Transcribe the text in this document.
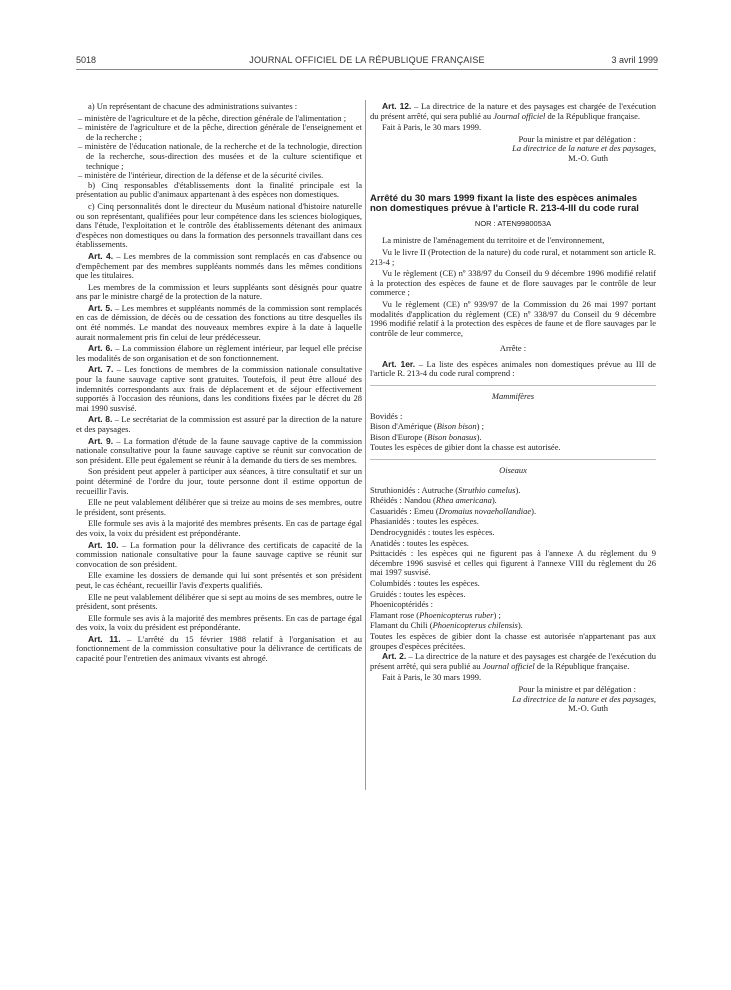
5018	JOURNAL OFFICIEL DE LA RÉPUBLIQUE FRANÇAISE	3 avril 1999

a) Un représentant de chacune des administrations suivantes :

– ministère de l'agriculture et de la pêche, direction générale de l'alimentation ;

– ministère de l'agriculture et de la pêche, direction générale de l'enseignement et de la recherche ;

– ministère de l'éducation nationale, de la recherche et de la technologie, direction de la recherche, sous-direction des musées et de la culture scientifique et technique ;

– ministère de l'intérieur, direction de la défense et de la sécurité civiles.

b) Cinq responsables d'établissements dont la finalité principale est la présentation au public d'animaux appartenant à des espèces non domestiques.

c) Cinq personnalités dont le directeur du Muséum national d'histoire naturelle ou son représentant, qualifiées pour leur compétence dans les sciences biologiques, dans l'étude, l'exploitation et le contrôle des établissements détenant des animaux d'espèces non domestiques ou dans la formation des personnels travaillant dans ces établissements.

Art. 4. – Les membres de la commission sont remplacés en cas d'absence ou d'empêchement par des membres suppléants nommés dans les mêmes conditions que les titulaires.

Les membres de la commission et leurs suppléants sont désignés pour quatre ans par le ministre chargé de la protection de la nature.

Art. 5. – Les membres et suppléants nommés de la commission sont remplacés en cas de démission, de décès ou de cessation des fonctions au titre desquelles ils ont été nommés. Le mandat des nouveaux membres expire à la date à laquelle aurait normalement pris fin celui de leur prédécesseur.

Art. 6. – La commission élabore un règlement intérieur, par lequel elle précise les modalités de son organisation et de son fonctionnement.

Art. 7. – Les fonctions de membres de la commission nationale consultative pour la faune sauvage captive sont gratuites. Toutefois, il peut être alloué des indemnités correspondants aux frais de déplacement et de séjour effectivement supportés à l'occasion des réunions, dans les conditions fixées par le décret du 28 mai 1990 susvisé.

Art. 8. – Le secrétariat de la commission est assuré par la direction de la nature et des paysages.

Art. 9. – La formation d'étude de la faune sauvage captive de la commission nationale consultative pour la faune sauvage captive se réunit sur convocation de son président. Elle peut également se réunir à la demande du tiers de ses membres.

Son président peut appeler à participer aux séances, à titre consultatif et sur un point déterminé de l'ordre du jour, toute personne dont il estime opportun de recueillir l'avis.

Elle ne peut valablement délibérer que si treize au moins de ses membres, outre le président, sont présents.

Elle formule ses avis à la majorité des membres présents. En cas de partage égal des voix, la voix du président est prépondérante.

Art. 10. – La formation pour la délivrance des certificats de capacité de la commission nationale consultative pour la faune sauvage captive se réunit sur convocation de son président.

Elle examine les dossiers de demande qui lui sont présentés et son président peut, le cas échéant, recueillir l'avis d'experts qualifiés.

Elle ne peut valablement délibérer que si sept au moins de ses membres, outre le président, sont présents.

Elle formule ses avis à la majorité des membres présents. En cas de partage égal des voix, la voix du président est prépondérante.

Art. 11. – L'arrêté du 15 février 1988 relatif à l'organisation et au fonctionnement de la commission consultative pour la délivrance de certificats de capacité pour l'entretien des animaux vivants est abrogé.

Art. 12. – La directrice de la nature et des paysages est chargée de l'exécution du présent arrêté, qui sera publié au Journal officiel de la République française.

Fait à Paris, le 30 mars 1999.

Pour la ministre et par délégation :

La directrice de la nature et des paysages,

M.-O. Guth

Arrêté du 30 mars 1999 fixant la liste des espèces animales non domestiques prévue à l'article R. 213-4-III du code rural

NOR : ATEN9980053A

La ministre de l'aménagement du territoire et de l'environnement,

Vu le livre II (Protection de la nature) du code rural, et notamment son article R. 213-4 ;

Vu le règlement (CE) nº 338/97 du Conseil du 9 décembre 1996 modifié relatif à la protection des espèces de faune et de flore sauvages par le contrôle de leur commerce ;

Vu le règlement (CE) nº 939/97 de la Commission du 26 mai 1997 portant modalités d'application du règlement (CE) nº 338/97 du Conseil du 9 décembre 1996 modifié relatif à la protection des espèces de faune et de flore sauvages par le contrôle de leur commerce,

Arrête :

Art. 1er. – La liste des espèces animales non domestiques prévue au III de l'article R. 213-4 du code rural comprend :

Mammifères

Bovidés :

Bison d'Amérique (Bison bison) ;

Bison d'Europe (Bison bonasus).

Toutes les espèces de gibier dont la chasse est autorisée.

Oiseaux

Struthionidés : Autruche (Struthio camelus).

Rhéidés : Nandou (Rhea americana).

Casuaridés : Emeu (Dromaius novaehollandiae).

Phasianidés : toutes les espèces.

Dendrocygnidés : toutes les espèces.

Anatidés : toutes les espèces.

Psittacidés : les espèces qui ne figurent pas à l'annexe A du règlement du 9 décembre 1996 susvisé et celles qui figurent à l'annexe VIII du règlement du 26 mai 1997 susvisé.

Columbidés : toutes les espèces.

Gruidés : toutes les espèces.

Phoenicoptéridés :

Flamant rose (Phoenicopterus ruber) ;

Flamant du Chili (Phoenicopterus chilensis).

Toutes les espèces de gibier dont la chasse est autorisée n'appartenant pas aux groupes d'espèces précitées.

Art. 2. – La directrice de la nature et des paysages est chargée de l'exécution du présent arrêté, qui sera publié au Journal officiel de la République française.

Fait à Paris, le 30 mars 1999.

Pour la ministre et par délégation :

La directrice de la nature et des paysages,

M.-O. Guth
